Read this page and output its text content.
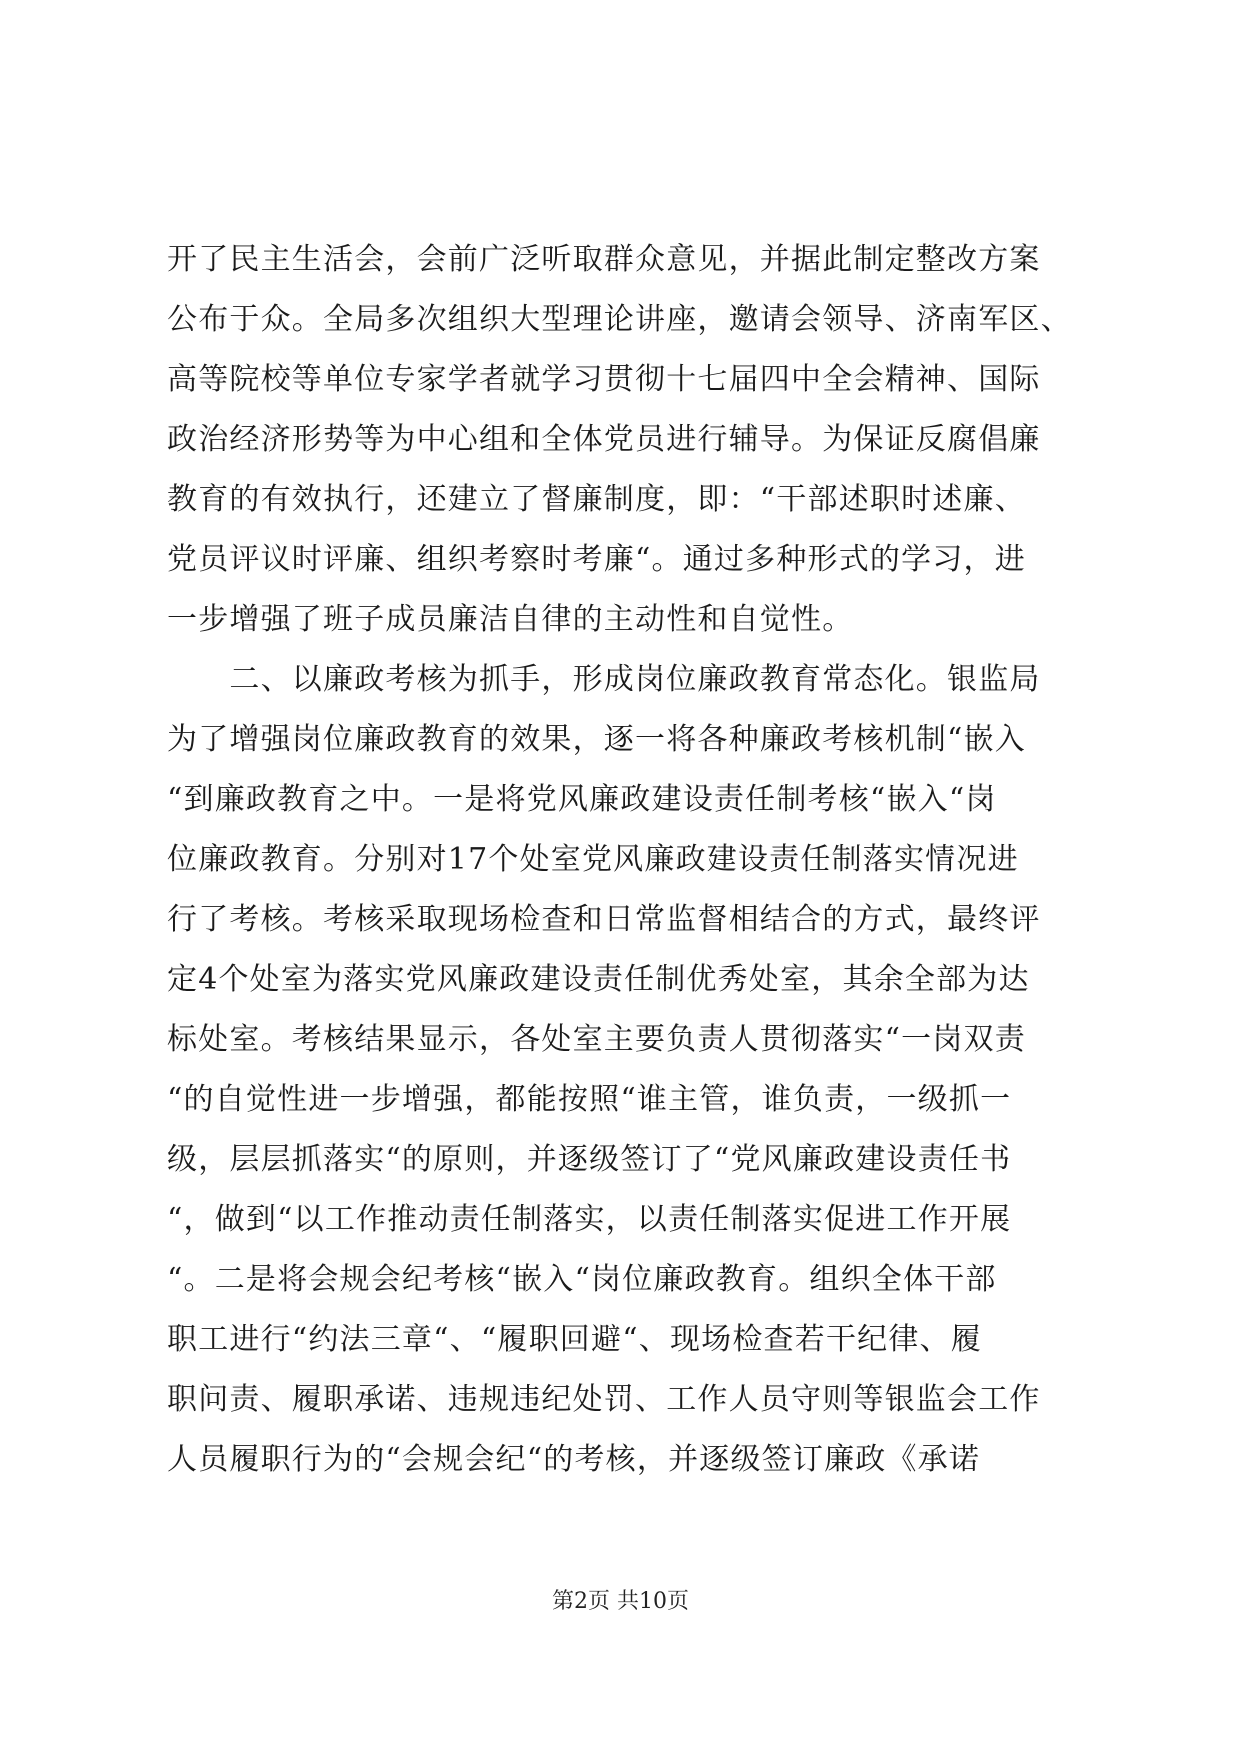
开了民主生活会，会前广泛听取群众意见，并据此制定整改方案
公布于众。全局多次组织大型理论讲座，邀请会领导、济南军区、
高等院校等单位专家学者就学习贯彻十七届四中全会精神、国际
政治经济形势等为中心组和全体党员进行辅导。为保证反腐倡廉
教育的有效执行，还建立了督廉制度，即：“干部述职时述廉、
党员评议时评廉、组织考察时考廉“。通过多种形式的学习，进
一步增强了班子成员廉洁自律的主动性和自觉性。
　　二、以廉政考核为抓手，形成岗位廉政教育常态化。银监局
为了增强岗位廉政教育的效果，逐一将各种廉政考核机制“嵌入
“到廉政教育之中。一是将党风廉政建设责任制考核“嵌入“岗
位廉政教育。分别对17个处室党风廉政建设责任制落实情况进
行了考核。考核采取现场检查和日常监督相结合的方式，最终评
定4个处室为落实党风廉政建设责任制优秀处室，其余全部为达
标处室。考核结果显示，各处室主要负责人贯彻落实“一岗双责
“的自觉性进一步增强，都能按照“谁主管，谁负责，一级抓一
级，层层抓落实“的原则，并逐级签订了“党风廉政建设责任书
“，做到“以工作推动责任制落实，以责任制落实促进工作开展
“。二是将会规会纪考核“嵌入“岗位廉政教育。组织全体干部
职工进行“约法三章“、“履职回避“、现场检查若干纪律、履
职问责、履职承诺、违规违纪处罚、工作人员守则等银监会工作
人员履职行为的“会规会纪“的考核，并逐级签订廉政《承诺
第2页 共10页
